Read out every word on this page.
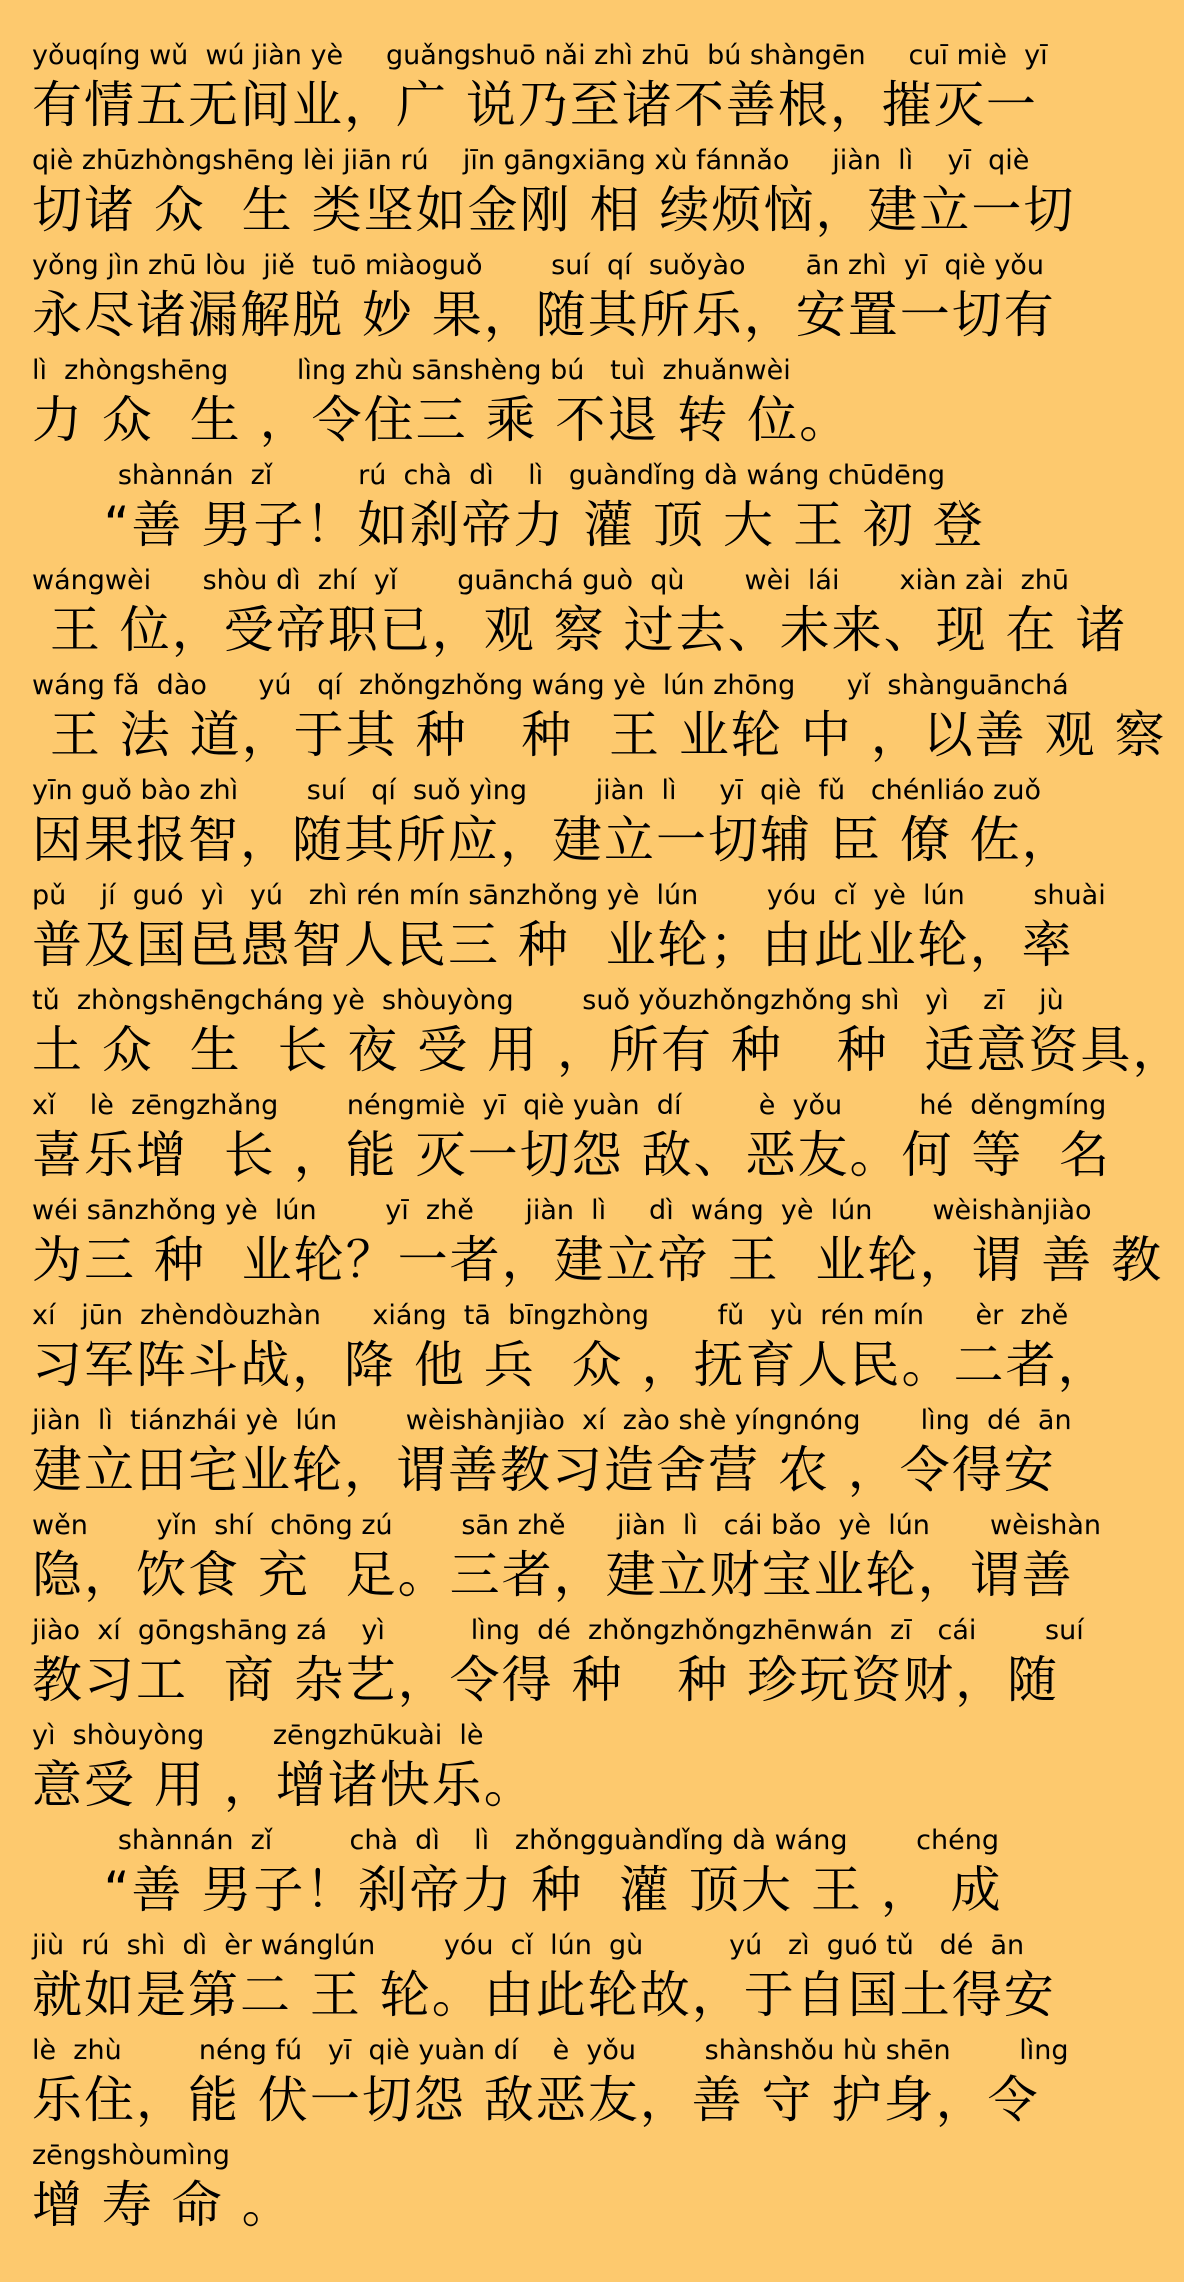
yǒuqíng wǔ  wú jiàn yè     guǎngshuō nǎi zhì zhū  bú shàngēn     cuī miè  yī
有情五无间业，广 说乃至诸不善根，摧灭一
qiè zhūzhòngshēng lèi jiān rú    jīn gāngxiāng xù fánnǎo     jiàn  lì    yī  qiè
切诸 众  生 类坚如金刚 相 续烦恼，建立一切
yǒng jìn zhū lòu  jiě  tuō miàoguǒ        suí  qí  suǒyào       ān zhì  yī  qiè yǒu
永尽诸漏解脱 妙 果，随其所乐，安置一切有
lì  zhòngshēng        lìng zhù sānshèng bú   tuì  zhuǎnwèi
力 众  生 ，令住三 乘 不退 转 位。
shànnán  zǐ          rú  chà  dì    lì   guàndǐng dà wáng chūdēng
“善 男子！如刹帝力 灌 顶 大 王 初 登
wángwèi      shòu dì  zhí  yǐ       guānchá guò  qù       wèi  lái       xiàn zài  zhū
王 位，受帝职已，观 察 过去、未来、现 在 诸
wáng fǎ  dào      yú   qí  zhǒngzhǒng wáng yè  lún zhōng      yǐ  shànguānchá
王 法 道，于其 种   种  王 业轮 中 ，以善 观 察
yīn guǒ bào zhì        suí   qí  suǒ yìng        jiàn  lì     yī  qiè  fǔ   chénliáo zuǒ
因果报智，随其所应，建立一切辅 臣 僚 佐，
pǔ    jí  guó  yì   yú   zhì rén mín sānzhǒng yè  lún        yóu  cǐ  yè  lún        shuài
普及国邑愚智人民三 种  业轮；由此业轮，率
tǔ  zhòngshēngcháng yè  shòuyòng        suǒ yǒuzhǒngzhǒng shì   yì    zī    jù
土 众  生  长 夜 受 用 ，所有 种   种  适意资具，
xǐ    lè  zēngzhǎng        néngmiè  yī  qiè yuàn  dí         è  yǒu         hé  děngmíng
喜乐增  长 ，能 灭一切怨 敌、恶友。何 等  名
wéi sānzhǒng yè  lún        yī  zhě      jiàn  lì     dì  wáng  yè  lún       wèishànjiào
为三 种  业轮？一者，建立帝 王  业轮，谓 善 教
xí   jūn  zhèndòuzhàn      xiáng  tā  bīngzhòng        fǔ   yù  rén mín      èr  zhě
习军阵斗战，降 他 兵  众 ，抚育人民。二者，
jiàn  lì  tiánzhái yè  lún        wèishànjiào  xí  zào shè yíngnóng       lìng  dé  ān
建立田宅业轮，谓善教习造舍营 农 ，令得安
wěn        yǐn  shí  chōng zú        sān zhě      jiàn  lì   cái bǎo  yè  lún       wèishàn
隐，饮食 充  足。三者，建立财宝业轮，谓善
jiào  xí  gōngshāng zá    yì          lìng  dé  zhǒngzhǒngzhēnwán  zī   cái        suí
教习工  商 杂艺，令得 种   种 珍玩资财，随
yì  shòuyòng        zēngzhūkuài  lè
意受 用 ，增诸快乐。
shànnán  zǐ         chà  dì    lì   zhǒngguàndǐng dà wáng        chéng
“善 男子！刹帝力 种  灌 顶大 王 ， 成
jiù  rú  shì  dì  èr wánglún        yóu  cǐ  lún  gù          yú   zì  guó tǔ   dé  ān
就如是第二 王 轮。由此轮故，于自国土得安
lè  zhù         néng fú   yī  qiè yuàn dí    è  yǒu        shànshǒu hù shēn        lìng
乐住，能 伏一切怨 敌恶友，善 守 护身，令
zēngshòumìng
增 寿 命 。
